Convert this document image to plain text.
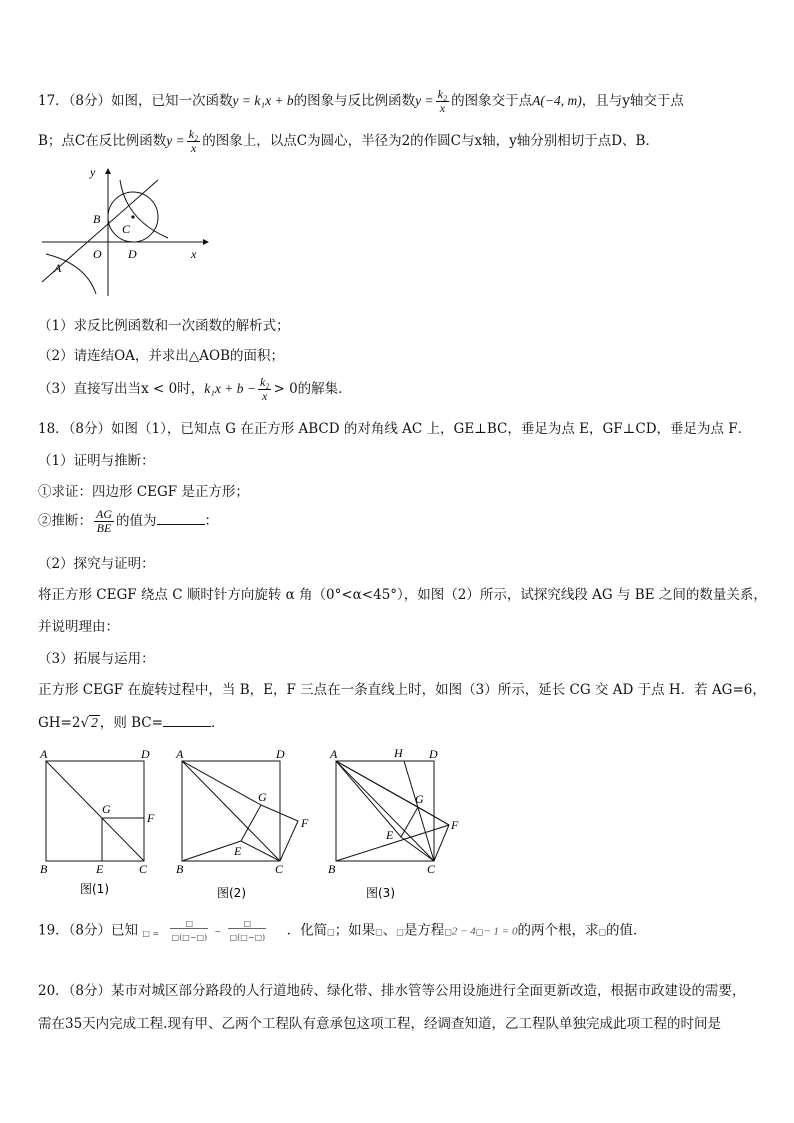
17．（8分）如图，已知一次函数y = k₁x + b的图象与反比例函数$y = \frac{\text{k₂}}{x}$ 的图象交于点A(−4, m)，且与y轴交于点
B；点C在反比例函数$y = \frac{\text{k₂}}{x}$ 的图象上，以点C为圆心，半径为2的作圆C与x轴，y轴分别相切于点D、B．
y
x
B
C
O D
A
（1）求反比例函数和一次函数的解析式；
（2）请连结OA，并求出△AOB的面积；
（3）直接写出当x < 0时，$k_1x + b - \frac{\text{k₂}}{x} > 0$的解集．
18．（8分）如图（1），已知点 G 在正方形 ABCD 的对角线 AC 上，GE⊥BC，垂足为点 E，GF⊥CD，垂足为点 F．
（1）证明与推断：
①求证：四边形 CEGF 是正方形；
②推断： $\frac{AG}{BE}$ 的值为	：
（2）探究与证明：
将正方形 CEGF 绕点 C 顺时针方向旋转 α 角（0°<α<45°），如图（2）所示，试探究线段 AG 与 BE 之间的数量关系，
并说明理由：
（3）拓展与运用：
正方形 CEGF 在旋转过程中，当 B，E，F 三点在一条直线上时，如图（3）所示，延长 CG 交 AD 于点 H．若 AG=6，
GH=2√ 2 ，则 BC=	．
A	D
B	C
E
G
F
图(1)
A	D
B	C
G
F
E
图(2)
A	H D
B	C
G
F
E
图(3)
19．（8分）已知 □ =
□
□(□−□)
−
□
□(□−□) ．化简□；如果□、□是方程□2 − 4□− 1 = 0的两个根，求□的值．
20．（8分）某市对城区部分路段的人行道地砖、绿化带、排水管等公用设施进行全面更新改造，根据市政建设的需要，
需在35天内完成工程.现有甲、乙两个工程队有意承包这项工程，经调查知道，乙工程队单独完成此项工程的时间是
